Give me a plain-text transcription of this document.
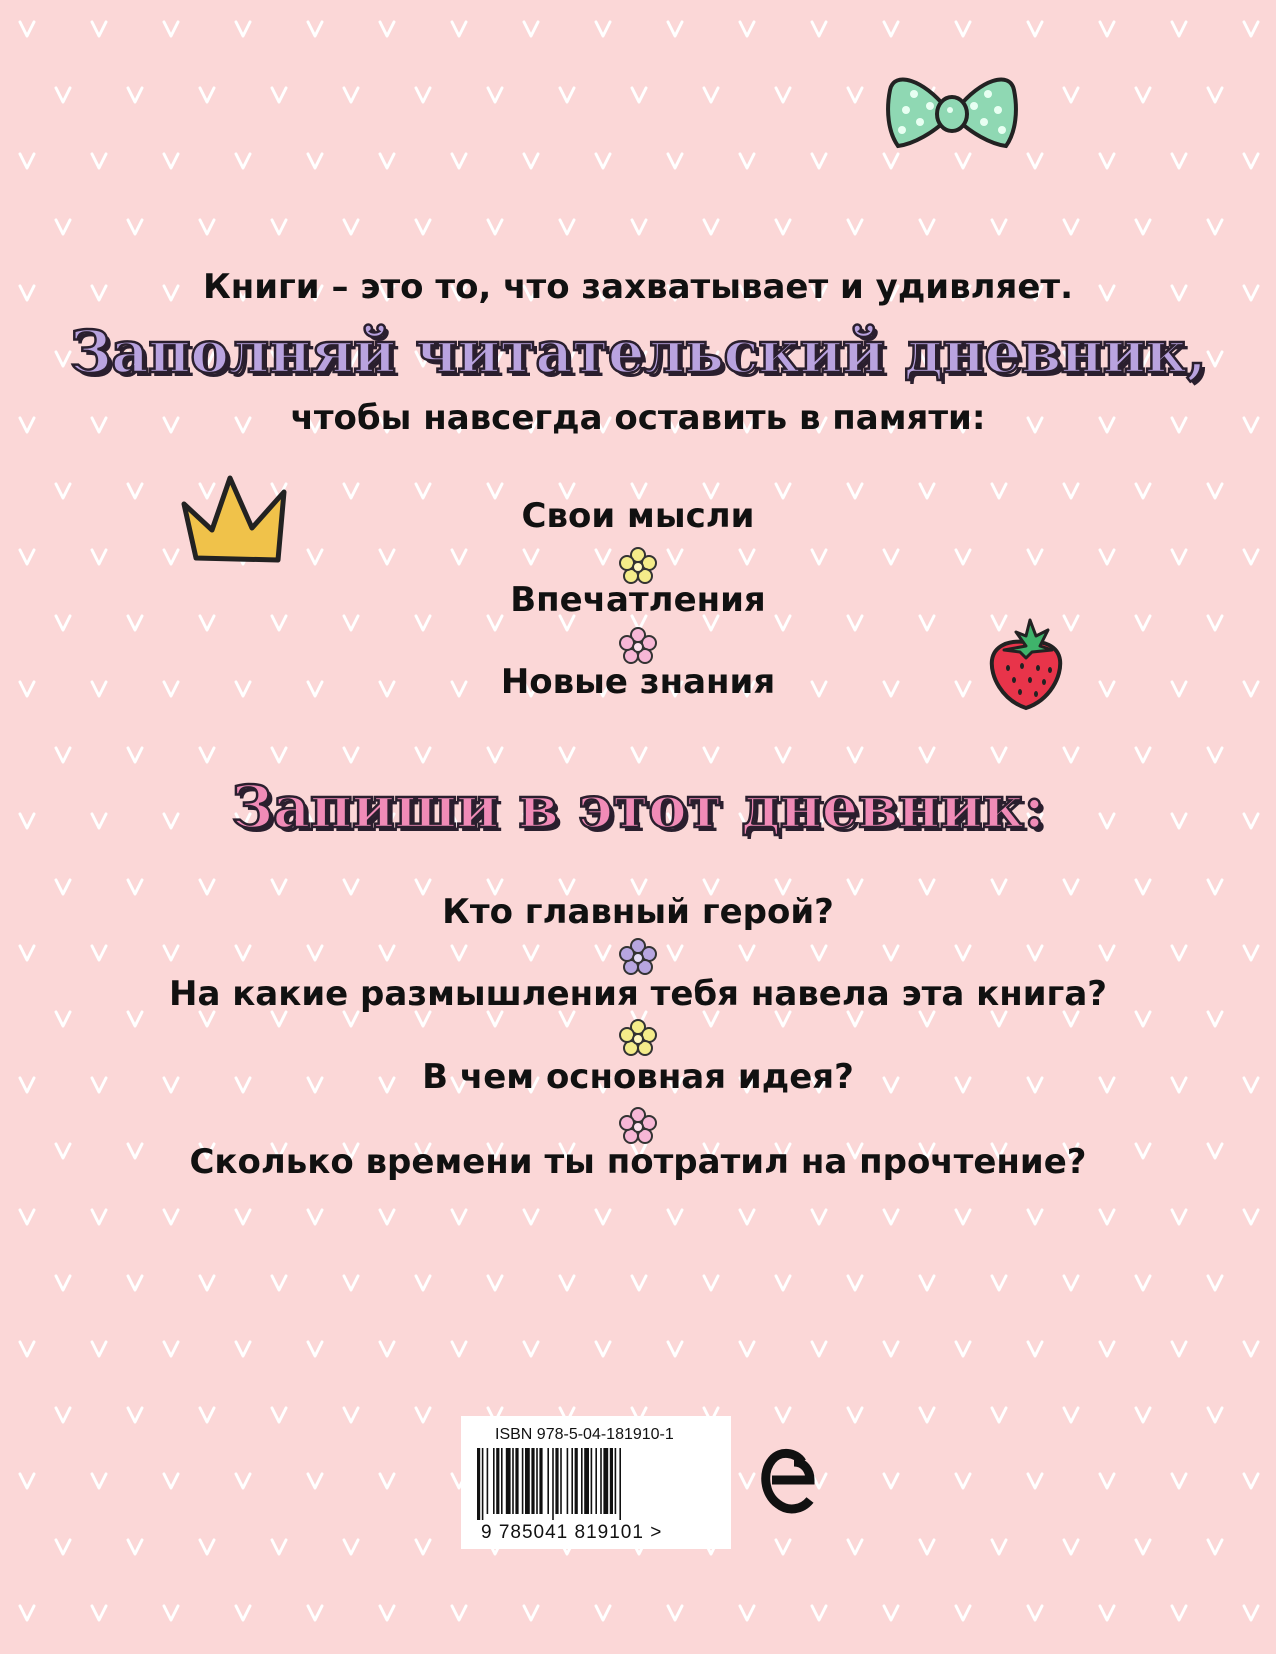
Книги – это то, что захватывает и удивляет.
Заполняй читательский дневник,
чтобы навсегда оставить в памяти:
Свои мысли
Впечатления
Новые знания
Запиши в этот дневник:
Кто главный герой?
На какие размышления тебя навела эта книга?
В чем основная идея?
Сколько времени ты потратил на прочтение?
ISBN 978-5-04-181910-1
9 785041 819101 >
